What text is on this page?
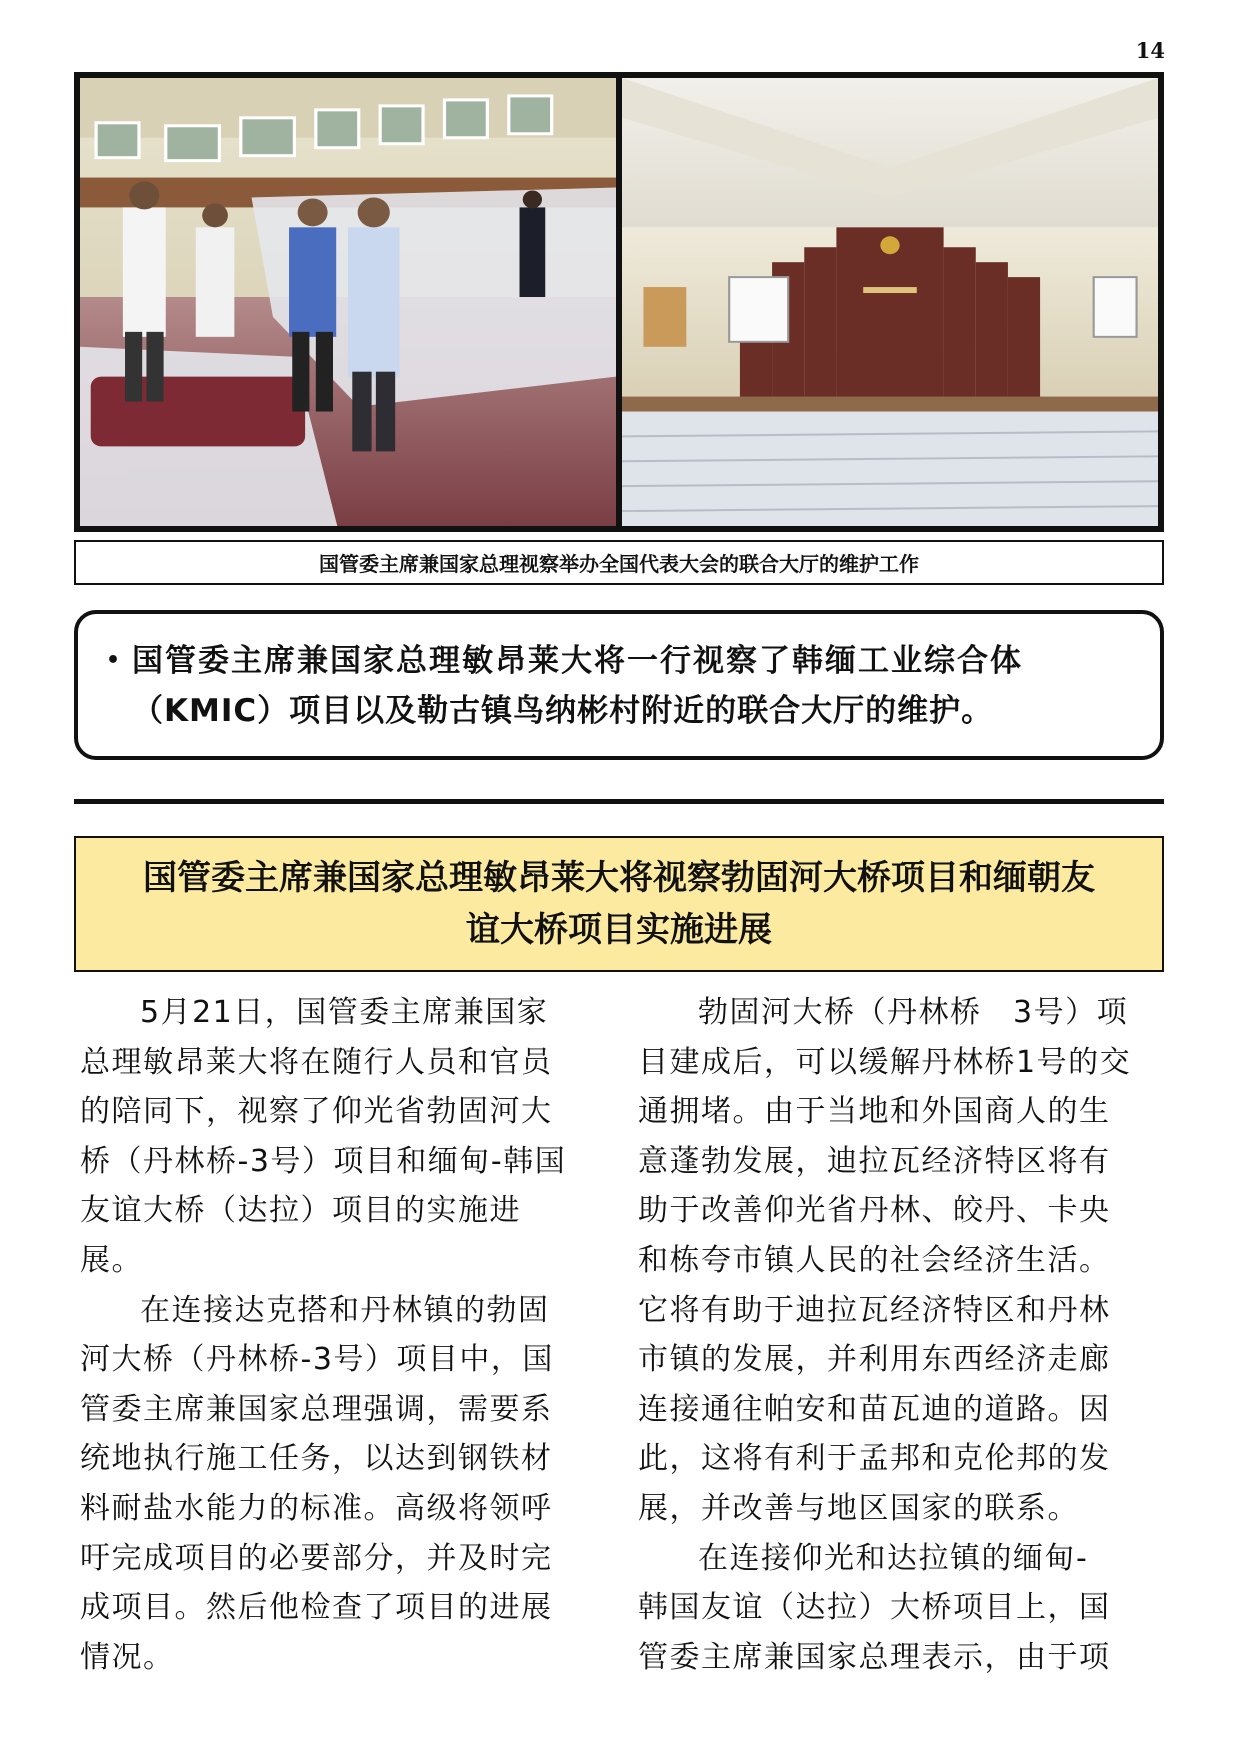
14
国管委主席兼国家总理视察举办全国代表大会的联合大厅的维护工作
• 国管委主席兼国家总理敏昂莱大将一行视察了韩缅工业综合体
（KMIC）项目以及勒古镇鸟纳彬村附近的联合大厅的维护。
国管委主席兼国家总理敏昂莱大将视察勃固河大桥项目和缅朝友
谊大桥项目实施进展
5月21日，国管委主席兼国家
总理敏昂莱大将在随行人员和官员
的陪同下，视察了仰光省勃固河大
桥（丹林桥-3号）项目和缅甸-韩国
友谊大桥（达拉）项目的实施进
展。
在连接达克搭和丹林镇的勃固
河大桥（丹林桥-3号）项目中，国
管委主席兼国家总理强调，需要系
统地执行施工任务，以达到钢铁材
料耐盐水能力的标准。高级将领呼
吁完成项目的必要部分，并及时完
成项目。然后他检查了项目的进展
情况。
勃固河大桥（丹林桥　3号）项
目建成后，可以缓解丹林桥1号的交
通拥堵。由于当地和外国商人的生
意蓬勃发展，迪拉瓦经济特区将有
助于改善仰光省丹林、皎丹、卡央
和栋夸市镇人民的社会经济生活。
它将有助于迪拉瓦经济特区和丹林
市镇的发展，并利用东西经济走廊
连接通往帕安和苗瓦迪的道路。因
此，这将有利于孟邦和克伦邦的发
展，并改善与地区国家的联系。
在连接仰光和达拉镇的缅甸-
韩国友谊（达拉）大桥项目上，国
管委主席兼国家总理表示，由于项
